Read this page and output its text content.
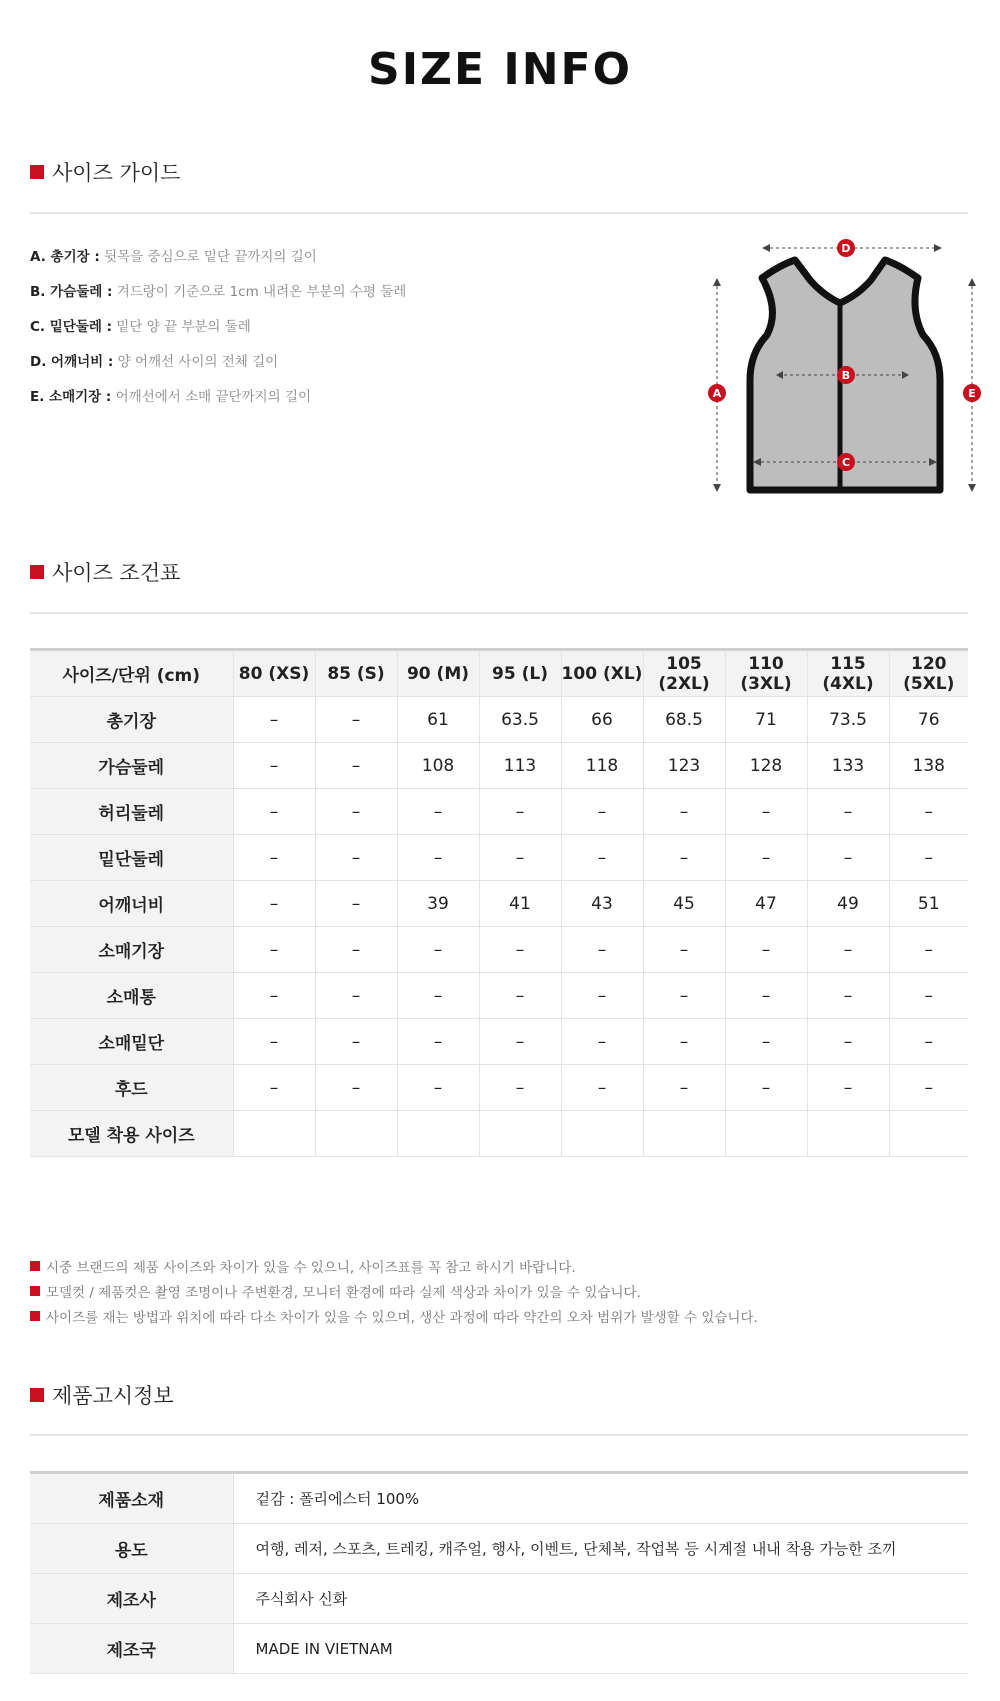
SIZE INFO
사이즈 가이드
A. 총기장 : 뒷목을 중심으로 밑단 끝까지의 길이
B. 가슴둘레 : 겨드랑이 기준으로 1cm 내려온 부분의 수평 둘레
C. 밑단둘레 : 밑단 양 끝 부분의 둘레
D. 어깨너비 : 양 어깨선 사이의 전체 길이
E. 소매기장 : 어깨선에서 소매 끝단까지의 길이
D
B
C
A	E
사이즈 조건표
사이즈/단위 (cm)	80 (XS)	85 (S)	90 (M)	95 (L)	100 (XL)	105 (2XL)	110 (3XL)	115 (4XL)	120 (5XL)
총기장	–	–	61	63.5	66	68.5	71	73.5	76
가슴둘레	–	–	108	113	118	123	128	133	138
허리둘레	–	–	–	–	–	–	–	–	–
밑단둘레	–	–	–	–	–	–	–	–	–
어깨너비	–	–	39	41	43	45	47	49	51
소매기장	–	–	–	–	–	–	–	–	–
소매통	–	–	–	–	–	–	–	–	–
소매밑단	–	–	–	–	–	–	–	–	–
후드	–	–	–	–	–	–	–	–	–
모델 착용 사이즈									
시중 브랜드의 제품 사이즈와 차이가 있을 수 있으니, 사이즈표를 꼭 참고 하시기 바랍니다.
모델컷 / 제품컷은 촬영 조명이나 주변환경, 모니터 환경에 따라 실제 색상과 차이가 있을 수 있습니다.
사이즈를 재는 방법과 위치에 따라 다소 차이가 있을 수 있으며, 생산 과정에 따라 약간의 오차 범위가 발생할 수 있습니다.
제품고시정보
제품소재	겉감 : 폴리에스터 100%
용도	여행, 레저, 스포츠, 트레킹, 캐주얼, 행사, 이벤트, 단체복, 작업복 등 시계절 내내 착용 가능한 조끼
제조사	주식회사 신화
제조국	MADE IN VIETNAM
